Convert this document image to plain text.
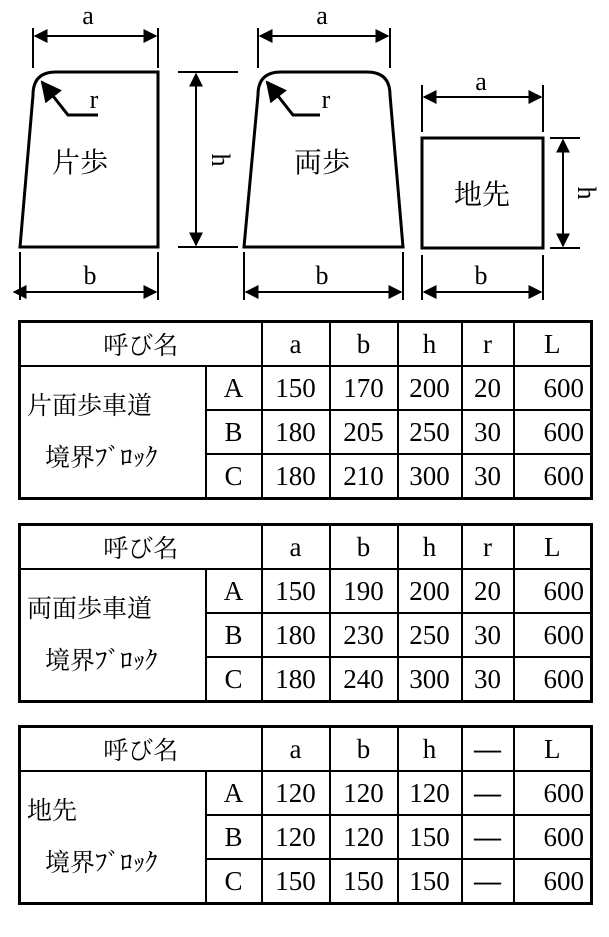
a
r
片歩
b
h
a
r
両歩
b
a
地先
b
h
呼び名		a	b	h	r	L

片面歩車道
境界ﾌﾞﾛｯｸ	A	150	170	200	20	600
	B	180	205	250	30	600
	C	180	210	300	30	600
呼び名		a	b	h	r	L

両面歩車道
境界ﾌﾞﾛｯｸ	A	150	190	200	20	600
	B	180	230	250	30	600
	C	180	240	300	30	600
呼び名		a	b	h	—	L

地先
境界ﾌﾞﾛｯｸ	A	120	120	120	—	600
	B	120	120	150	—	600
	C	150	150	150	—	600
